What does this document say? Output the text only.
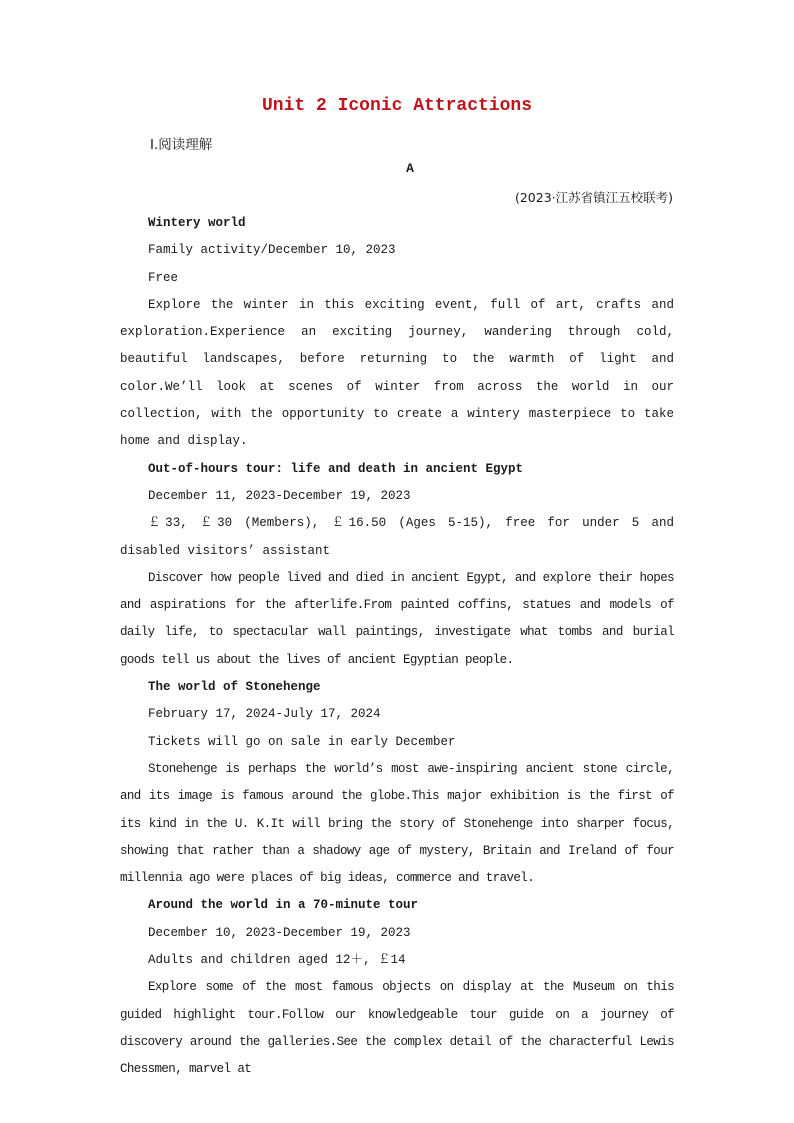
Unit 2 Iconic Attractions
Ⅰ.阅读理解
A
(2023·江苏省镇江五校联考)

Wintery world

Family activity/December 10, 2023

Free

Explore the winter in this exciting event, full of art, crafts and exploration.Experience an exciting journey, wandering through cold, beautiful landscapes, before returning to the warmth of light and color.We’ll look at scenes of winter from across the world in our collection, with the opportunity to create a wintery masterpiece to take home and display.

Out-of-hours tour: life and death in ancient Egypt

December 11, 2023-December 19, 2023

￡33, ￡30 (Members), ￡16.50 (Ages 5-15), free for under 5 and disabled visitors’ assistant

Discover how people lived and died in ancient Egypt, and explore their hopes and aspirations for the afterlife.From painted coffins, statues and models of daily life, to spectacular wall paintings, investigate what tombs and burial goods tell us about the lives of ancient Egyptian people.

The world of Stonehenge

February 17, 2024-July 17, 2024

Tickets will go on sale in early December

Stonehenge is perhaps the world’s most awe-inspiring ancient stone circle, and its image is famous around the globe.This major exhibition is the first of its kind in the U. K.It will bring the story of Stonehenge into sharper focus, showing that rather than a shadowy age of mystery, Britain and Ireland of four millennia ago were places of big ideas, commerce and travel.

Around the world in a 70-minute tour

December 10, 2023-December 19, 2023

Adults and children aged 12＋, ￡14

Explore some of the most famous objects on display at the Museum on this guided highlight tour.Follow our knowledgeable tour guide on a journey of discovery around the galleries.See the complex detail of the characterful Lewis Chessmen, marvel at
